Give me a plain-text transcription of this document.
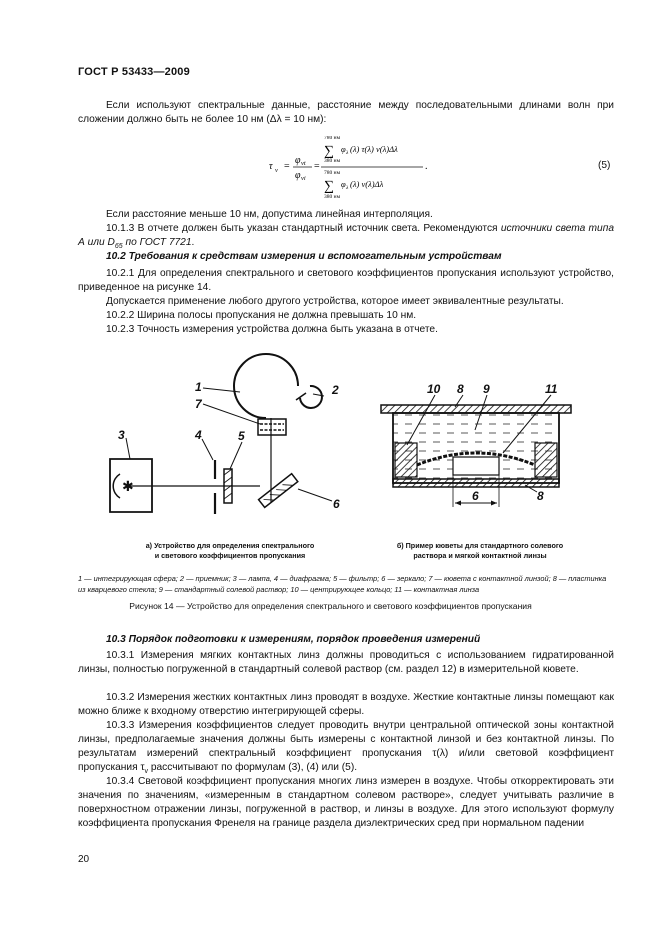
ГОСТ Р 53433—2009
Если используют спектральные данные, расстояние между последовательными длинами волн при сложении должно быть не более 10 нм (Δλ = 10 нм):
τ v =
φ vt
φ vi
=
780 нм
∑
380 нм
φ λ (λ) τ(λ) v(λ)Δλ
780 нм
∑
380 нм
φ λ (λ) v(λ)Δλ
.	(5)
Если расстояние меньше 10 нм, допустима линейная интерполяция.
10.1.3 В отчете должен быть указан стандартный источник света. Рекомендуются источники света типа А или $D_{65}$ по ГОСТ 7721.
10.2 Требования к средствам измерения и вспомогательным устройствам
10.2.1 Для определения спектрального и светового коэффициентов пропускания используют устройство, приведенное на рисунке 14.
Допускается применение любого другого устройства, которое имеет эквивалентные результаты.
10.2.2 Ширина полосы пропускания не должна превышать 10 нм.
10.2.3 Точность измерения устройства должна быть указана в отчете.
✱
1	2
3	4	5
6
7
10 8 9	11
6	8
а) Устройство для определения спектрального
и светового коэффициентов пропускания
б) Пример кюветы для стандартного солевого
раствора и мягкой контактной линзы
1 — интегрирующая сфера; 2 — приемник; 3 — лампа, 4 — диафрагма; 5 — фильтр; 6 — зеркало; 7 — кювета с контактной линзой; 8 — пластинка из кварцевого стекла; 9 — стандартный солевой раствор; 10 — центрирующее кольцо; 11 — контактная линза
Рисунок 14 — Устройство для определения спектрального и светового коэффициентов пропускания
10.3 Порядок подготовки к измерениям, порядок проведения измерений
10.3.1 Измерения мягких контактных линз должны проводиться с использованием гидратированной линзы, полностью погруженной в стандартный солевой раствор (см. раздел 12) в измерительной кювете.
10.3.2 Измерения жестких контактных линз проводят в воздухе. Жесткие контактные линзы помещают как можно ближе к входному отверстию интегрирующей сферы.
10.3.3 Измерения коэффициентов следует проводить внутри центральной оптической зоны контактной линзы, предполагаемые значения должны быть измерены с контактной линзой и без контактной линзы. По результатам измерений спектральный коэффициент пропускания τ(λ) и/или световой коэффициент пропускания $\tau_v$ рассчитывают по формулам (3), (4) или (5).
10.3.4 Световой коэффициент пропускания многих линз измерен в воздухе. Чтобы откорректировать эти значения по значениям, «измеренным в стандартном солевом растворе», следует учитывать различие в поверхностном отражении линзы, погруженной в раствор, и линзы в воздухе. Для этого используют формулу коэффициента пропускания Френеля на границе раздела диэлектрических сред при нормальном падении
20
